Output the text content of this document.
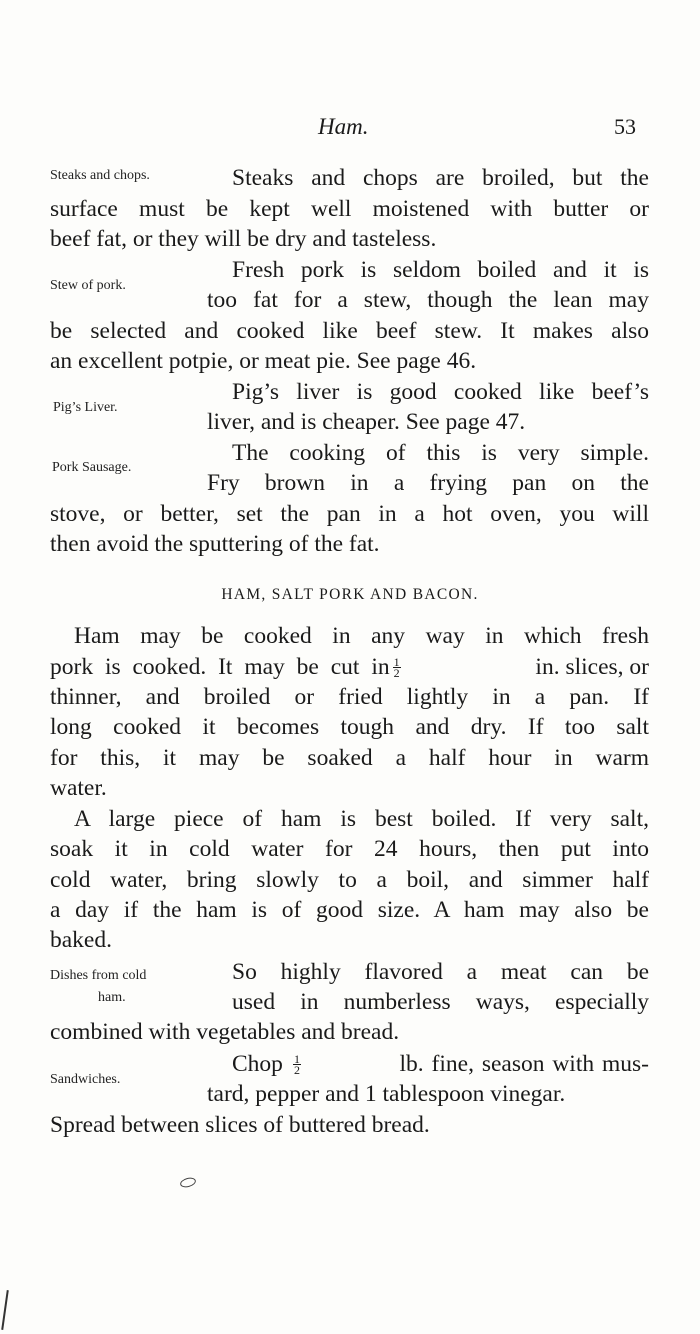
Ham.	53
Steaks and chops.	Steaks and chops are broiled, but the
surface must be kept well moistened with butter or
beef fat, or they will be dry and tasteless.
Stew of pork.
Fresh pork is seldom boiled and it is
too fat for a stew, though the lean may
be selected and cooked like beef stew. It makes also
an excellent potpie, or meat pie. See page 46.
Pig’s Liver.
Pig’s liver is good cooked like beef’s
liver, and is cheaper. See page 47.
Pork Sausage.
The cooking of this is very simple.
Fry brown in a frying pan on the
stove, or better, set the pan in a hot oven, you will
then avoid the sputtering of the fat.
HAM, SALT PORK AND BACON.
Ham may be cooked in any way in which fresh
pork is cooked. It may be cut in $\frac{1}{2}$	in. slices, or
thinner, and broiled or fried lightly in a pan. If
long cooked it becomes tough and dry. If too salt
for this, it may be soaked a half hour in warm
water.
A large piece of ham is best boiled. If very salt,
soak it in cold water for 24 hours, then put into
cold water, bring slowly to a boil, and simmer half
a day if the ham is of good size. A ham may also be
baked.
Dishes from cold
ham.
So highly flavored a meat can be
used in numberless ways, especially
combined with vegetables and bread.
Sandwiches.
Chop $\frac{1}{2}$	lb. fine, season with mus-
tard, pepper and 1 tablespoon vinegar.
Spread between slices of buttered bread.
